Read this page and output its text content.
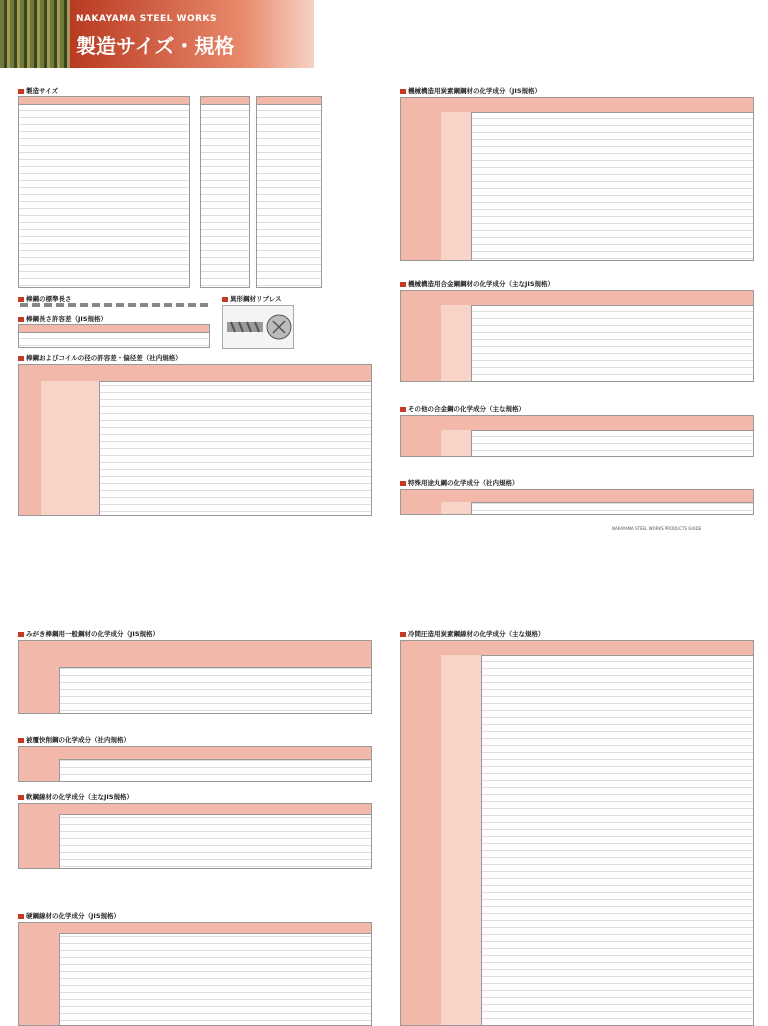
NAKAYAMA STEEL WORKS
製造サイズ・規格
製造サイズ
棒鋼の標準長さ
棒鋼長さ許容差（JIS規格）
異形鋼材リブレス
棒鋼およびコイルの径の許容差・偏径差（社内規格）
機械構造用炭素鋼鋼材の化学成分（JIS規格）
機械構造用合金鋼鋼材の化学成分（主なJIS規格）
その他の合金鋼の化学成分（主な規格）
特殊用途丸鋼の化学成分（社内規格）
NAKAYAMA STEEL WORKS PRODUCTS GUIDE
みがき棒鋼用一般鋼材の化学成分（JIS規格）
被覆快削鋼の化学成分（社内規格）
軟鋼線材の化学成分（主なJIS規格）
硬鋼線材の化学成分（JIS規格）
冷間圧造用炭素鋼線材の化学成分（主な規格）
